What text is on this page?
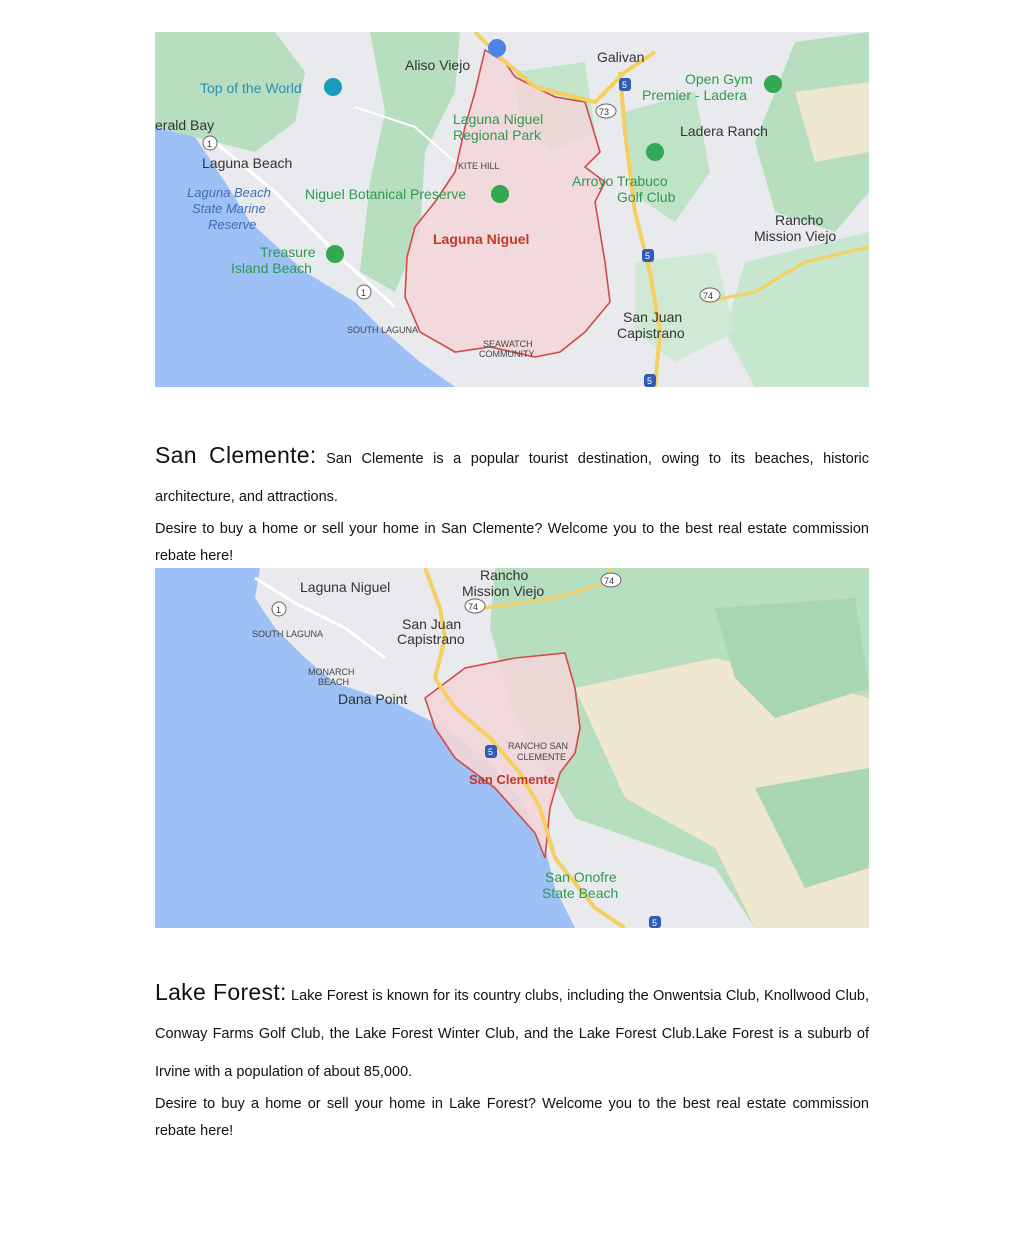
Aliso Viejo	Galivan
Top of the World
Open Gym
Premier - Ladera
erald Bay	Laguna Niguel
Regional Park	Ladera Ranch
Laguna Beach	KITE HILL
Laguna Beach
State Marine
Reserve
Niguel Botanical Preserve
Arroyo Trabuco
Golf Club
Rancho
Mission Viejo
Treasure
Island Beach
Laguna Niguel
SOUTH LAGUNA
SEAWATCH
COMMUNITY
San Juan
Capistrano
1
1
73
74
5
5
5

San Clemente: San Clemente is a popular tourist destination, owing to its beaches, historic architecture, and attractions.

Desire to buy a home or sell your home in San Clemente? Welcome you to the best real estate commission rebate here!

Laguna Niguel
Rancho
Mission Viejo
SOUTH LAGUNA
San Juan
Capistrano
MONARCH
BEACH
Dana Point
RANCHO SAN
CLEMENTE
San Clemente
San Onofre
State Beach
1
74
74
5
5

Lake Forest: Lake Forest is known for its country clubs, including the Onwentsia Club, Knollwood Club, Conway Farms Golf Club, the Lake Forest Winter Club, and the Lake Forest Club.Lake Forest is a suburb of Irvine with a population of about 85,000.

Desire to buy a home or sell your home in Lake Forest? Welcome you to the best real estate commission rebate here!
